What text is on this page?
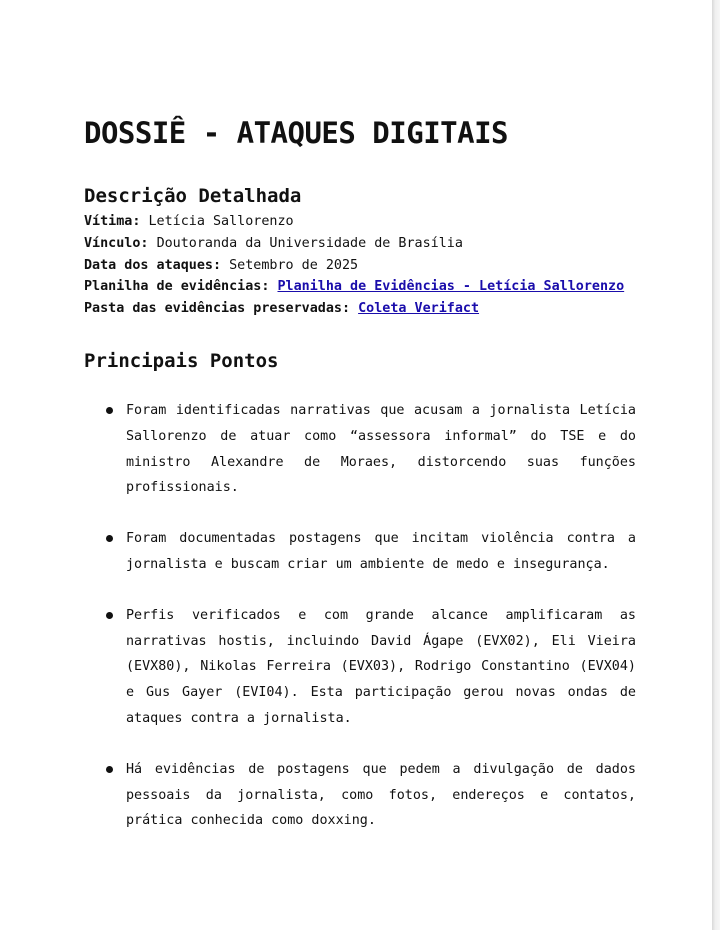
DOSSIÊ - ATAQUES DIGITAIS
Descrição Detalhada
Vítima: Letícia Sallorenzo
Vínculo: Doutoranda da Universidade de Brasília
Data dos ataques: Setembro de 2025
Planilha de evidências: Planilha de Evidências - Letícia Sallorenzo
Pasta das evidências preservadas: Coleta Verifact
Principais Pontos
Foram identificadas narrativas que acusam a jornalista Letícia Sallorenzo de atuar como “assessora informal” do TSE e do ministro Alexandre de Moraes, distorcendo suas funções profissionais.
Foram documentadas postagens que incitam violência contra a jornalista e buscam criar um ambiente de medo e insegurança.
Perfis verificados e com grande alcance amplificaram as narrativas hostis, incluindo David Ágape (EVX02), Eli Vieira (EVX80), Nikolas Ferreira (EVX03), Rodrigo Constantino (EVX04) e Gus Gayer (EVI04). Esta participação gerou novas ondas de ataques contra a jornalista.
Há evidências de postagens que pedem a divulgação de dados pessoais da jornalista, como fotos, endereços e contatos, prática conhecida como doxxing.
